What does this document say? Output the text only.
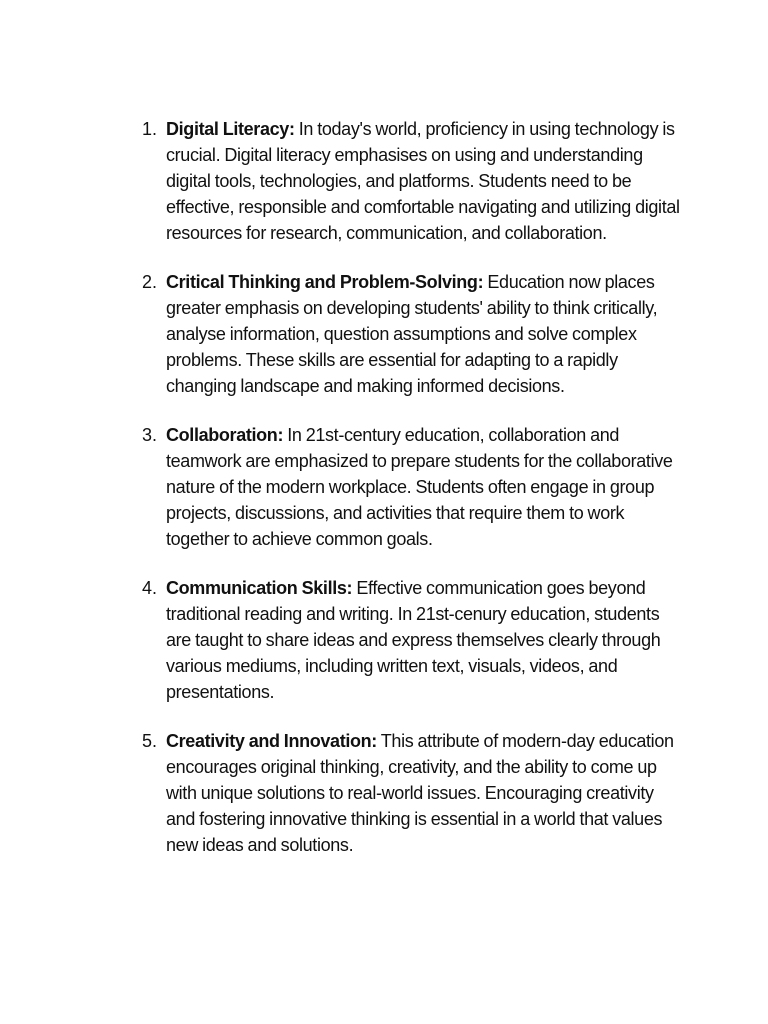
1. Digital Literacy: In today's world, proficiency in using technology is crucial. Digital literacy emphasises on using and understanding digital tools, technologies, and platforms. Students need to be effective, responsible and comfortable navigating and utilizing digital resources for research, communication, and collaboration.
2. Critical Thinking and Problem-Solving: Education now places greater emphasis on developing students' ability to think critically, analyse information, question assumptions and solve complex problems. These skills are essential for adapting to a rapidly changing landscape and making informed decisions.
3. Collaboration: In 21st-century education, collaboration and teamwork are emphasized to prepare students for the collaborative nature of the modern workplace. Students often engage in group projects, discussions, and activities that require them to work together to achieve common goals.
4. Communication Skills: Effective communication goes beyond traditional reading and writing. In 21st-cenury education, students are taught to share ideas and express themselves clearly through various mediums, including written text, visuals, videos, and presentations.
5. Creativity and Innovation: This attribute of modern-day education encourages original thinking, creativity, and the ability to come up with unique solutions to real-world issues. Encouraging creativity and fostering innovative thinking is essential in a world that values new ideas and solutions.
